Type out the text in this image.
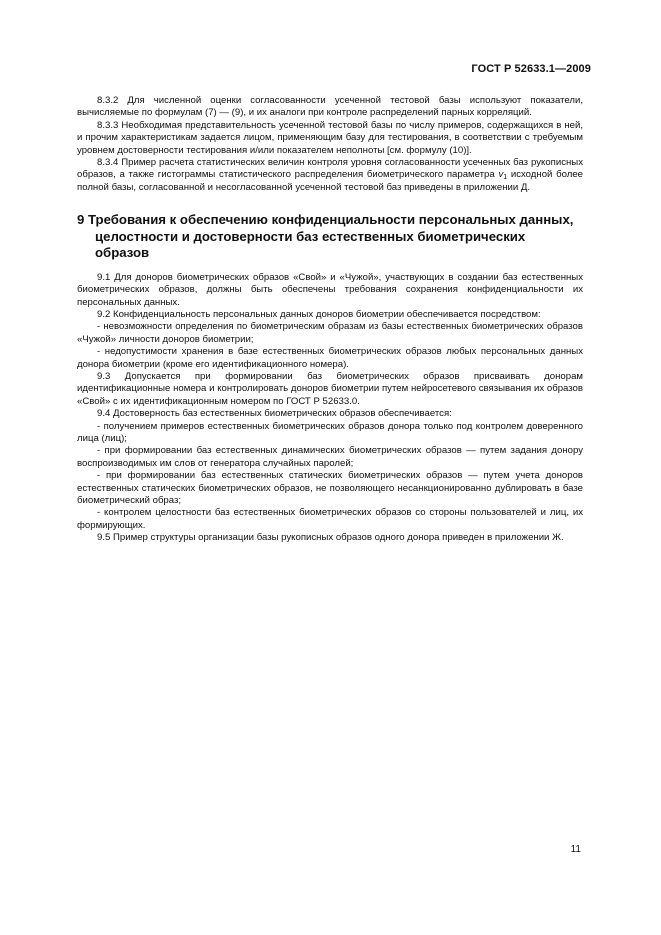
ГОСТ Р 52633.1—2009

8.3.2 Для численной оценки согласованности усеченной тестовой базы используют показатели, вычисляемые по формулам (7) — (9), и их аналоги при контроле распределений парных корреляций.

8.3.3 Необходимая представительность усеченной тестовой базы по числу примеров, содержащихся в ней, и прочим характеристикам задается лицом, применяющим базу для тестирования, в соответствии с требуемым уровнем достоверности тестирования и/или показателем неполноты [см. формулу (10)].

8.3.4 Пример расчета статистических величин контроля уровня согласованности усеченных баз рукописных образов, а также гистограммы статистического распределения биометрического параметра $v_1$ исходной более полной базы, согласованной и несогласованной усеченной тестовой баз приведены в приложении Д.

9 Требования к обеспечению конфиденциальности персональных данных, целостности и достоверности баз естественных биометрических образов

9.1 Для доноров биометрических образов «Свой» и «Чужой», участвующих в создании баз естественных биометрических образов, должны быть обеспечены требования сохранения конфиденциальности их персональных данных.

9.2 Конфиденциальность персональных данных доноров биометрии обеспечивается посредством:

- невозможности определения по биометрическим образам из базы естественных биометрических образов «Чужой» личности доноров биометрии;

- недопустимости хранения в базе естественных биометрических образов любых персональных данных донора биометрии (кроме его идентификационного номера).

9.3 Допускается при формировании баз биометрических образов присваивать донорам идентификационные номера и контролировать доноров биометрии путем нейросетевого связывания их образов «Свой» с их идентификационным номером по ГОСТ Р 52633.0.

9.4 Достоверность баз естественных биометрических образов обеспечивается:

- получением примеров естественных биометрических образов донора только под контролем доверенного лица (лиц);

- при формировании баз естественных динамических биометрических образов — путем задания донору воспроизводимых им слов от генератора случайных паролей;

- при формировании баз естественных статических биометрических образов — путем учета доноров естественных статических биометрических образов, не позволяющего несанкционированно дублировать в базе биометрический образ;

- контролем целостности баз естественных биометрических образов со стороны пользователей и лиц, их формирующих.

9.5 Пример структуры организации базы рукописных образов одного донора приведен в приложении Ж.

11
